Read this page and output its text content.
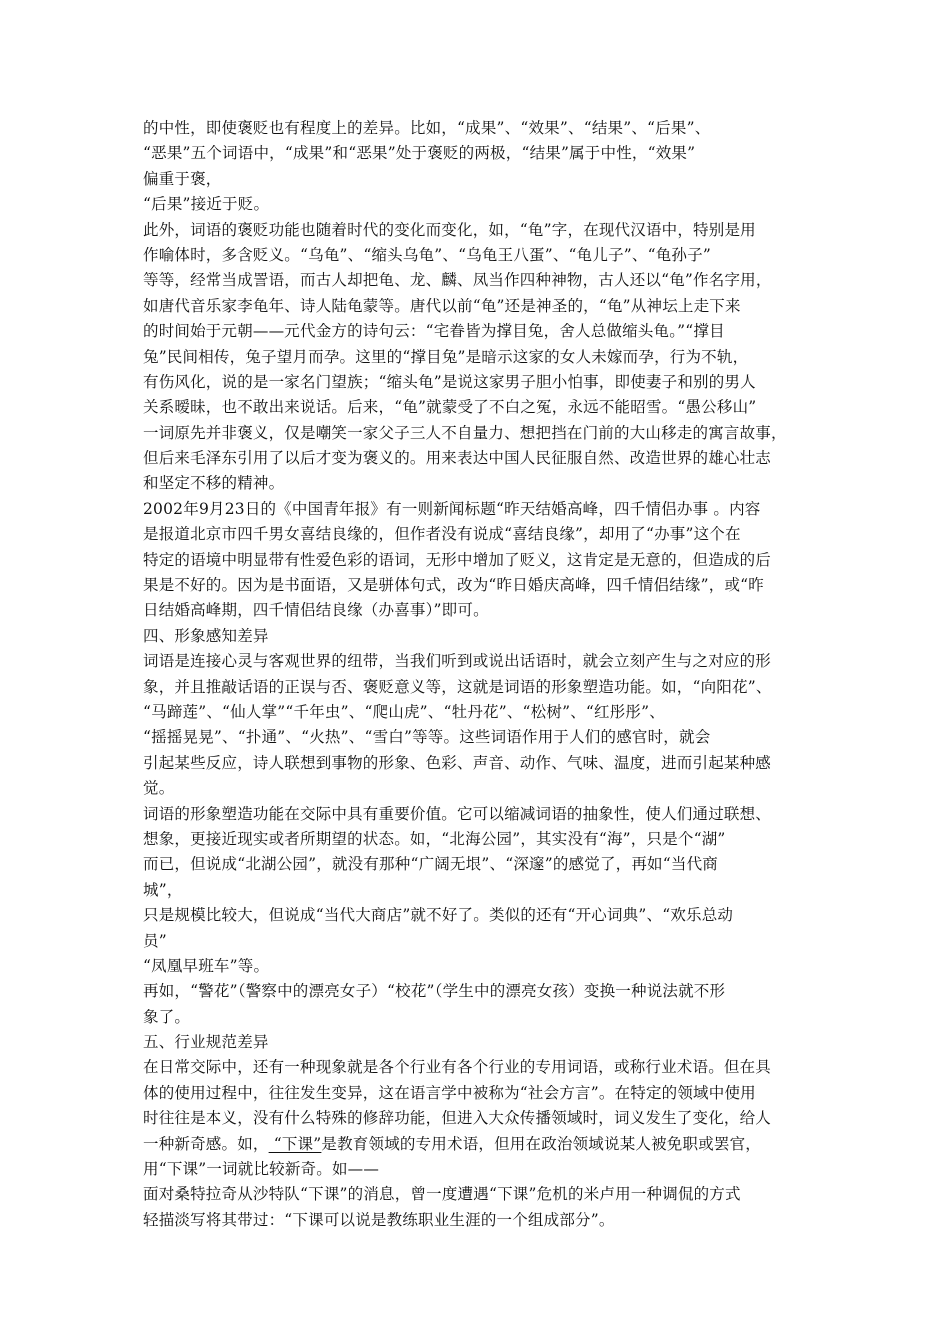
的中性，即使褒贬也有程度上的差异。比如，“成果”、“效果”、“结果”、“后果”、
“恶果”五个词语中，“成果”和“恶果”处于褒贬的两极，“结果”属于中性，“效果”
偏重于褒，
“后果”接近于贬。
此外，词语的褒贬功能也随着时代的变化而变化，如，“龟”字，在现代汉语中，特别是用
作喻体时，多含贬义。“乌龟”、“缩头乌龟”、“乌龟王八蛋”、“龟儿子”、“龟孙子”
等等，经常当成詈语，而古人却把龟、龙、麟、凤当作四种神物，古人还以“龟”作名字用，
如唐代音乐家李龟年、诗人陆龟蒙等。唐代以前“龟”还是神圣的，“龟”从神坛上走下来
的时间始于元朝——元代金方的诗句云：“宅眷皆为撑目兔，舍人总做缩头龟。”“撑目
兔”民间相传，兔子望月而孕。这里的“撑目兔”是暗示这家的女人未嫁而孕，行为不轨，
有伤风化，说的是一家名门望族；“缩头龟”是说这家男子胆小怕事，即使妻子和别的男人
关系暧昧，也不敢出来说话。后来，“龟”就蒙受了不白之冤，永远不能昭雪。“愚公移山”
一词原先并非褒义，仅是嘲笑一家父子三人不自量力、想把挡在门前的大山移走的寓言故事，
但后来毛泽东引用了以后才变为褒义的。用来表达中国人民征服自然、改造世界的雄心壮志
和坚定不移的精神。
2002年9月23日的《中国青年报》有一则新闻标题“昨天结婚高峰，四千情侣办事 。内容
是报道北京市四千男女喜结良缘的，但作者没有说成“喜结良缘”，却用了“办事”这个在
特定的语境中明显带有性爱色彩的语词，无形中增加了贬义，这肯定是无意的，但造成的后
果是不好的。因为是书面语，又是骈体句式，改为“昨日婚庆高峰，四千情侣结缘”，或“昨
日结婚高峰期，四千情侣结良缘（办喜事）”即可。
四、形象感知差异
词语是连接心灵与客观世界的纽带，当我们听到或说出话语时，就会立刻产生与之对应的形
象，并且推敲话语的正误与否、褒贬意义等，这就是词语的形象塑造功能。如，“向阳花”、
“马蹄莲”、“仙人掌”“千年虫”、“爬山虎”、“牡丹花”、“松树”、“红彤彤”、
“摇摇晃晃”、“扑通”、“火热”、“雪白”等等。这些词语作用于人们的感官时，就会
引起某些反应，诗人联想到事物的形象、色彩、声音、动作、气味、温度，进而引起某种感
觉。
词语的形象塑造功能在交际中具有重要价值。它可以缩减词语的抽象性，使人们通过联想、
想象，更接近现实或者所期望的状态。如，“北海公园”，其实没有“海”，只是个“湖”
而已，但说成“北湖公园”，就没有那种“广阔无垠”、“深邃”的感觉了，再如“当代商
城”，
只是规模比较大，但说成“当代大商店”就不好了。类似的还有“开心词典”、“欢乐总动
员”
“凤凰早班车”等。
再如，“警花”（警察中的漂亮女子）“校花”（学生中的漂亮女孩）变换一种说法就不形
象了。
五、行业规范差异
在日常交际中，还有一种现象就是各个行业有各个行业的专用词语，或称行业术语。但在具
体的使用过程中，往往发生变异，这在语言学中被称为“社会方言”。在特定的领域中使用
时往往是本义，没有什么特殊的修辞功能，但进入大众传播领域时，词义发生了变化，给人
一种新奇感。如， “下课”是教育领域的专用术语，但用在政治领域说某人被免职或罢官，
用“下课”一词就比较新奇。如——
面对桑特拉奇从沙特队“下课”的消息，曾一度遭遇“下课”危机的米卢用一种调侃的方式
轻描淡写将其带过：“下课可以说是教练职业生涯的一个组成部分”。
